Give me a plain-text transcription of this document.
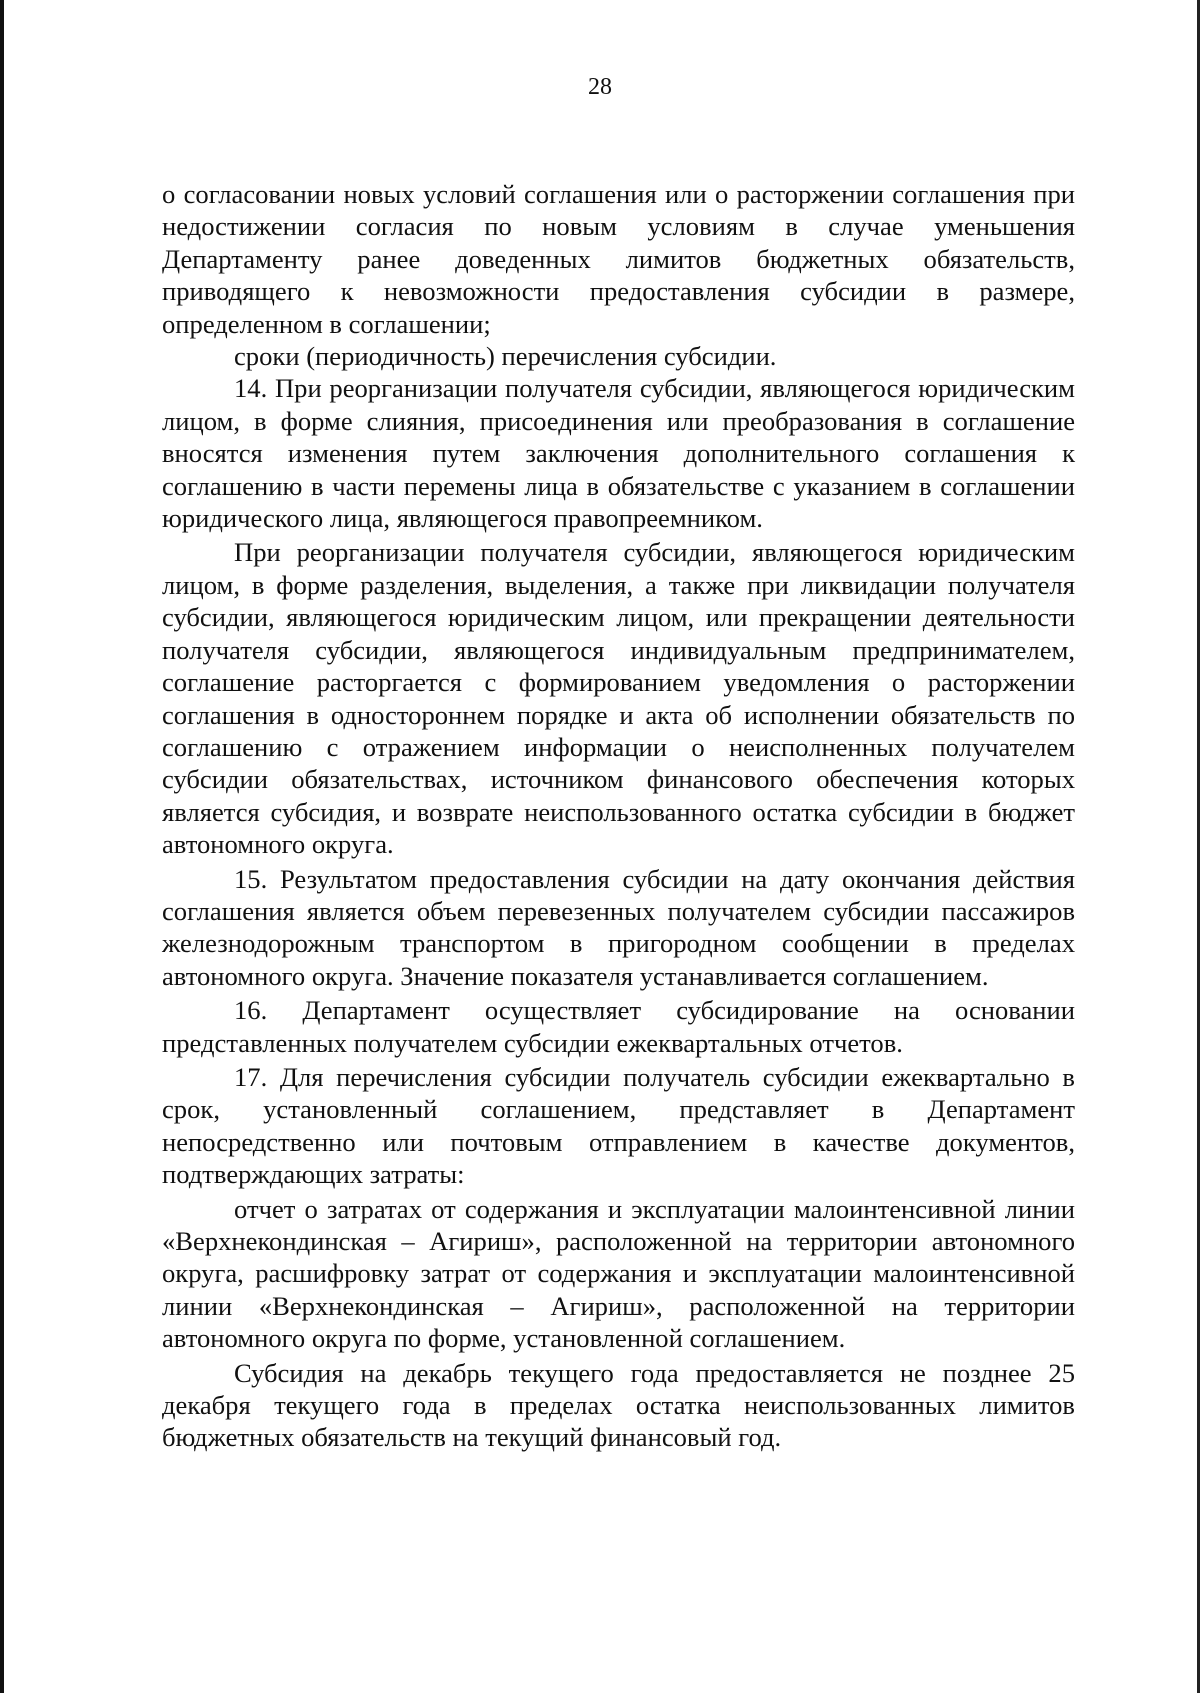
28

о согласовании новых условий соглашения или о расторжении соглашения при недостижении согласия по новым условиям в случае уменьшения Департаменту ранее доведенных лимитов бюджетных обязательств, приводящего к невозможности предоставления субсидии в размере, определенном в соглашении;

сроки (периодичность) перечисления субсидии.

14. При реорганизации получателя субсидии, являющегося юридическим лицом, в форме слияния, присоединения или преобразования в соглашение вносятся изменения путем заключения дополнительного соглашения к соглашению в части перемены лица в обязательстве с указанием в соглашении юридического лица, являющегося правопреемником.

При реорганизации получателя субсидии, являющегося юридическим лицом, в форме разделения, выделения, а также при ликвидации получателя субсидии, являющегося юридическим лицом, или прекращении деятельности получателя субсидии, являющегося индивидуальным предпринимателем, соглашение расторгается с формированием уведомления о расторжении соглашения в одностороннем порядке и акта об исполнении обязательств по соглашению с отражением информации о неисполненных получателем субсидии обязательствах, источником финансового обеспечения которых является субсидия, и возврате неиспользованного остатка субсидии в бюджет автономного округа.

15. Результатом предоставления субсидии на дату окончания действия соглашения является объем перевезенных получателем субсидии пассажиров железнодорожным транспортом в пригородном сообщении в пределах автономного округа. Значение показателя устанавливается соглашением.

16. Департамент осуществляет субсидирование на основании представленных получателем субсидии ежеквартальных отчетов.

17. Для перечисления субсидии получатель субсидии ежеквартально в срок, установленный соглашением, представляет в Департамент непосредственно или почтовым отправлением в качестве документов, подтверждающих затраты:

отчет о затратах от содержания и эксплуатации малоинтенсивной линии «Верхнекондинская – Агириш», расположенной на территории автономного округа, расшифровку затрат от содержания и эксплуатации малоинтенсивной линии «Верхнекондинская – Агириш», расположенной на территории автономного округа по форме, установленной соглашением.

Субсидия на декабрь текущего года предоставляется не позднее 25 декабря текущего года в пределах остатка неиспользованных лимитов бюджетных обязательств на текущий финансовый год.
